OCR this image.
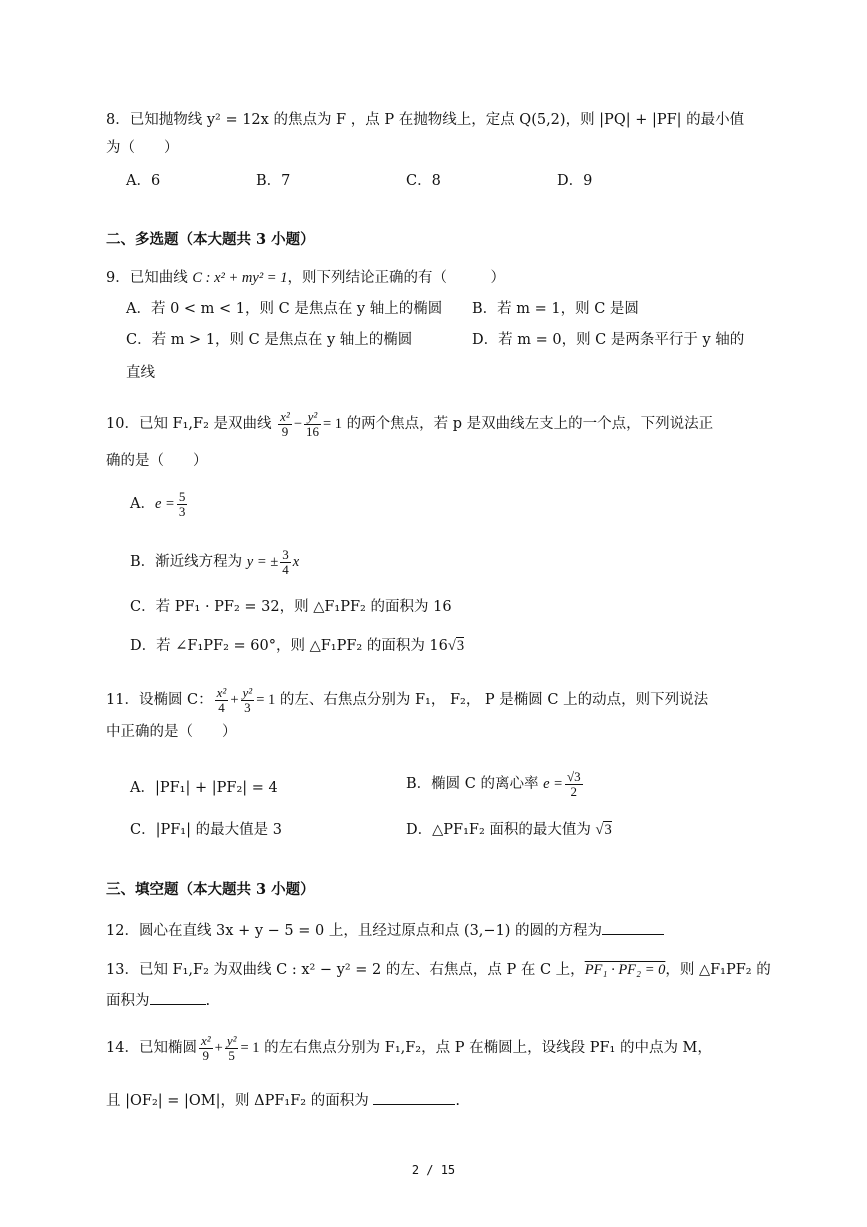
8．已知抛物线 y² = 12x 的焦点为 F ，点 P 在抛物线上，定点 Q(5,2)，则 |PQ| + |PF| 的最小值
为（　　）
A．6	B．7	C．8	D．9
二、多选题（本大题共 3 小题）
9．已知曲线 C : x² + my² = 1，则下列结论正确的有（　　　）
A．若 0 < m < 1，则 C 是焦点在 y 轴上的椭圆 B．若 m = 1，则 C 是圆
C．若 m > 1，则 C 是焦点在 y 轴上的椭圆	D．若 m = 0，则 C 是两条平行于 y 轴的
直线
10．已知 F₁,F₂ 是双曲线 $\frac{\text{x²}}{9} - \frac{\text{y²}}{16} = 1$ 的两个焦点，若 p 是双曲线左支上的一个点，下列说法正
确的是（　　）
A．$e = \frac{5}{3}$
B．渐近线方程为 y = ± $\frac{3}{4}$ x
C．若 PF₁ · PF₂ = 32，则 △F₁PF₂ 的面积为 16
D．若 ∠F₁PF₂ = 60°，则 △F₁PF₂ 的面积为 16√3
11．设椭圆 C： $\frac{\text{x²}}{4} + \frac{\text{y²}}{3} = 1$ 的左、右焦点分别为 F₁， F₂， P 是椭圆 C 上的动点，则下列说法
中正确的是（　　）
A．|PF₁| + |PF₂| = 4	B．椭圆 C 的离心率 $e = \frac{√3}{2}$
C．|PF₁| 的最大值是 3	D．△PF₁F₂ 面积的最大值为 √3
三、填空题（本大题共 3 小题）
12．圆心在直线 3x + y − 5 = 0 上，且经过原点和点 (3,−1) 的圆的方程为
13．已知 F₁,F₂ 为双曲线 C : x² − y² = 2 的左、右焦点，点 P 在 C 上，PF₁ · PF₂ = 0，则 △F₁PF₂ 的
面积为	.
14．已知椭圆 $\frac{\text{x²}}{9} + \frac{\text{y²}}{5} = 1$ 的左右焦点分别为 F₁,F₂，点 P 在椭圆上，设线段 PF₁ 的中点为 M，
且 |OF₂| = |OM|，则 ΔPF₁F₂ 的面积为	.
2 / 15
